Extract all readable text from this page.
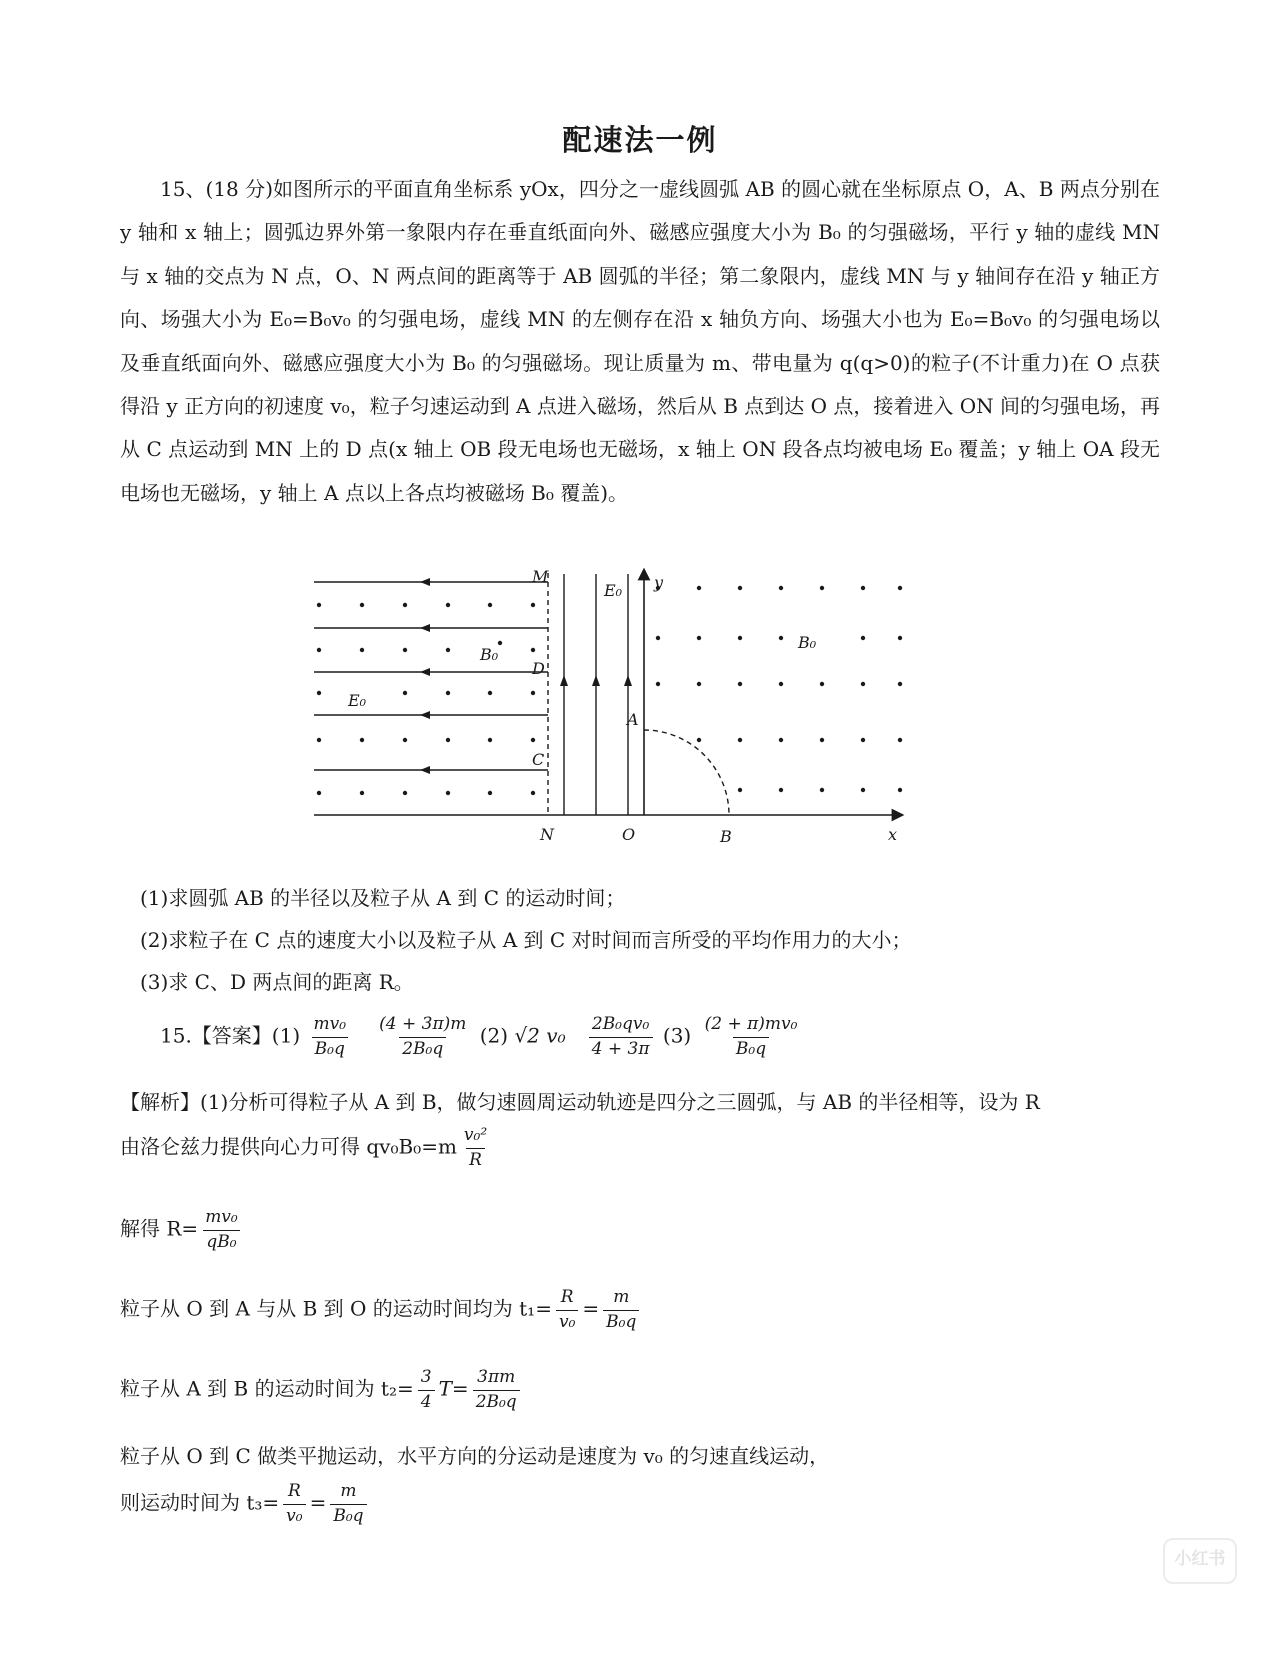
配速法一例

15、(18 分)如图所示的平面直角坐标系 yOx，四分之一虚线圆弧 AB 的圆心就在坐标原点 O，A、B 两点分别在 y 轴和 x 轴上；圆弧边界外第一象限内存在垂直纸面向外、磁感应强度大小为 B₀ 的匀强磁场，平行 y 轴的虚线 MN 与 x 轴的交点为 N 点，O、N 两点间的距离等于 AB 圆弧的半径；第二象限内，虚线 MN 与 y 轴间存在沿 y 轴正方向、场强大小为 E₀=B₀v₀ 的匀强电场，虚线 MN 的左侧存在沿 x 轴负方向、场强大小也为 E₀=B₀v₀ 的匀强电场以及垂直纸面向外、磁感应强度大小为 B₀ 的匀强磁场。现让质量为 m、带电量为 q(q>0)的粒子(不计重力)在 O 点获得沿 y 正方向的初速度 v₀，粒子匀速运动到 A 点进入磁场，然后从 B 点到达 O 点，接着进入 ON 间的匀强电场，再从 C 点运动到 MN 上的 D 点(x 轴上 OB 段无电场也无磁场，x 轴上 ON 段各点均被电场 E₀ 覆盖；y 轴上 OA 段无电场也无磁场，y 轴上 A 点以上各点均被磁场 B₀ 覆盖)。

M
D
C
N	O
A
B	x
y
E₀
E₀
B₀
B₀
(1)求圆弧 AB 的半径以及粒子从 A 到 C 的运动时间；
(2)求粒子在 C 点的速度大小以及粒子从 A 到 C 对时间而言所受的平均作用力的大小；
(3)求 C、D 两点间的距离 R。
15.【答案】$(1) \frac{\text{mv₀}}{\text{B₀q}}$
$\frac{(4 + 3\pi)m}{\text{2B₀q}} (2)$ √2 $v_0 \frac{\text{2B₀qv₀}}{4 + 3\pi} (3) \frac{\text{(2 + π)mv₀}}{\text{B₀q}}$
【解析】(1)分析可得粒子从 A 到 B，做匀速圆周运动轨迹是四分之三圆弧，与 AB 的半径相等，设为 R
由洛仑兹力提供向心力可得 $qv_0B_0=m \frac{\text{v₀²}}{R}$
解得 $R= \frac{\text{mv₀}}{\text{qB₀}}$
粒子从 O 到 A 与从 B 到 O 的运动时间均为 $t_1= \frac{R}{\text{v₀}} = \frac{m}{\text{B₀q}}$
粒子从 A 到 B 的运动时间为 $t_2= \frac{3}{4} T= \frac{3\pi m}{\text{2B₀q}}$
粒子从 O 到 C 做类平抛运动，水平方向的分运动是速度为 v₀ 的匀速直线运动，
则运动时间为 $t_3= \frac{R}{\text{v₀}} = \frac{m}{\text{B₀q}}$
小红书
